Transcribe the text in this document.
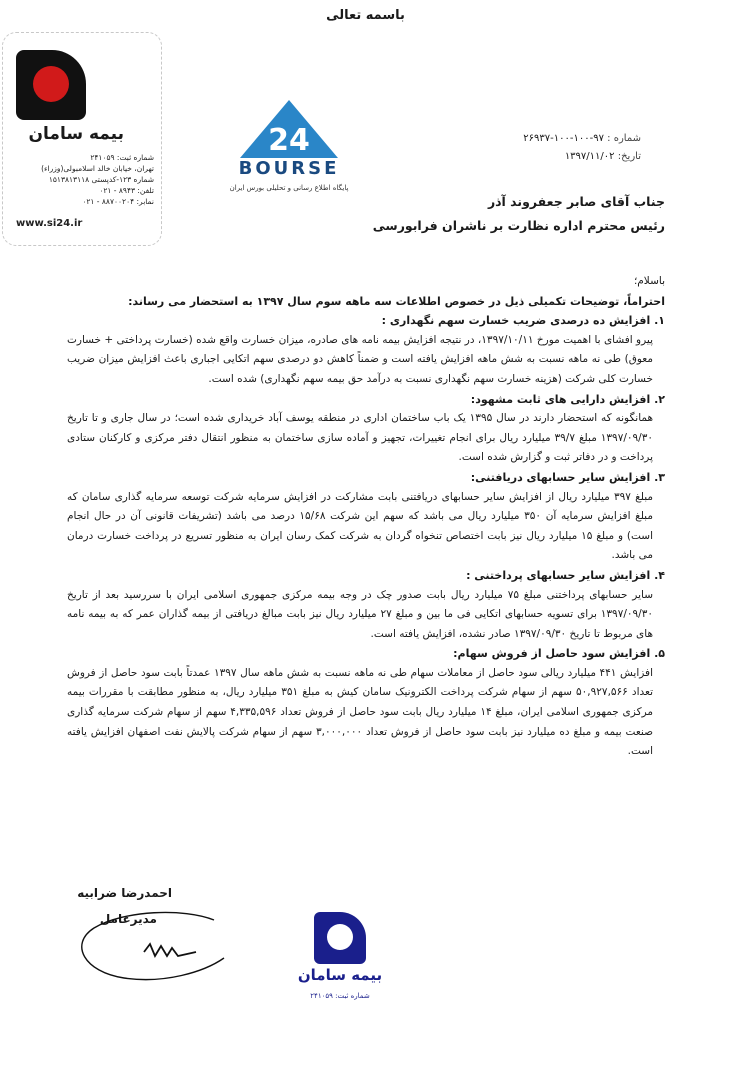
باسمه تعالی
بیمه سامان
شماره ثبت: ۲۴۱۰۵۹
تهران، خیابان خالد اسلامبولی(وزراء)
شماره ۱۲۳-کدپستی ۱۵۱۳۸۱۳۱۱۸
تلفن: ۸۹۴۳ - ۰۲۱
نمابر: ۸۸۷۰۰۲۰۴ - ۰۲۱
www.si24.ir
24
BOURSE
پایگاه اطلاع رسانی و تحلیلی بورس ایران
شماره : ۹۷-۱۰۰-۱۰۰-۲۶۹۳۷
تاریخ: ۱۳۹۷/۱۱/۰۲
جناب آقای صابر جعفروند آذر
رئیس محترم اداره نظارت بر ناشران فرابورسی

باسلام؛

احتراماً، توضیحات تکمیلی ذیل در خصوص اطلاعات سه ماهه سوم سال ۱۳۹۷ به استحضار می رساند:

۱. افزایش ده درصدی ضریب خسارت سهم نگهداری :

پیرو افشای با اهمیت مورخ ۱۳۹۷/۱۰/۱۱، در نتیجه افزایش بیمه نامه های صادره، میزان خسارت واقع شده (خسارت پرداختی + خسارت معوق) طی نه ماهه نسبت به شش ماهه افزایش یافته است و ضمناً کاهش دو درصدی سهم اتکایی اجباری باعث افزایش میزان ضریب خسارت کلی شرکت (هزینه خسارت سهم نگهداری نسبت به درآمد حق بیمه سهم نگهداری) شده است.

۲. افزایش دارایی های ثابت مشهود:

همانگونه که استحضار دارند در سال ۱۳۹۵ یک باب ساختمان اداری در منطقه یوسف آباد خریداری شده است؛ در سال جاری و تا تاریخ ۱۳۹۷/۰۹/۳۰ مبلغ ۳۹/۷ میلیارد ریال برای انجام تغییرات، تجهیز و آماده سازی ساختمان به منظور انتقال دفتر مرکزی و کارکنان ستادی پرداخت و در دفاتر ثبت و گزارش شده است.

۳. افزایش سایر حسابهای دریافتنی:

مبلغ ۳۹۷ میلیارد ریال از افزایش سایر حسابهای دریافتنی بابت مشارکت در افزایش سرمایه شرکت توسعه سرمایه گذاری سامان که مبلغ افزایش سرمایه آن ۳۵۰ میلیارد ریال می باشد که سهم این شرکت ۱۵/۶۸ درصد می باشد (تشریفات قانونی آن در حال انجام است) و مبلغ ۱۵ میلیارد ریال نیز بابت اختصاص تنخواه گردان به شرکت کمک رسان ایران به منظور تسریع در پرداخت خسارت درمان می باشد.

۴. افزایش سایر حسابهای پرداختنی :

سایر حسابهای پرداختنی مبلغ ۷۵ میلیارد ریال بابت صدور چک در وجه بیمه مرکزی جمهوری اسلامی ایران با سررسید بعد از تاریخ ۱۳۹۷/۰۹/۳۰ برای تسویه حسابهای اتکایی فی ما بین و مبلغ ۲۷ میلیارد ریال نیز بابت مبالغ دریافتی از بیمه گذاران عمر که به بیمه نامه های مربوط تا تاریخ ۱۳۹۷/۰۹/۳۰ صادر نشده، افزایش یافته است.

۵. افزایش سود حاصل از فروش سهام:

افزایش ۴۴۱ میلیارد ریالی سود حاصل از معاملات سهام طی نه ماهه نسبت به شش ماهه سال ۱۳۹۷ عمدتاً بابت سود حاصل از فروش تعداد ۵۰,۹۲۷,۵۶۶ سهم از سهام شرکت پرداخت الکترونیک سامان کیش به مبلغ ۳۵۱ میلیارد ریال، به منظور مطابقت با مقررات بیمه مرکزی جمهوری اسلامی ایران، مبلغ ۱۴ میلیارد ریال بابت سود حاصل از فروش تعداد ۴,۳۳۵,۵۹۶ سهم از سهام شرکت سرمایه گذاری صنعت بیمه و مبلغ ده میلیارد نیز بابت سود حاصل از فروش تعداد ۳,۰۰۰,۰۰۰ سهم از سهام شرکت پالایش نفت اصفهان افزایش یافته است.

احمدرضا ضرابیه
مدیرعامل
بیمه سامان
شماره ثبت: ۲۴۱۰۵۹
